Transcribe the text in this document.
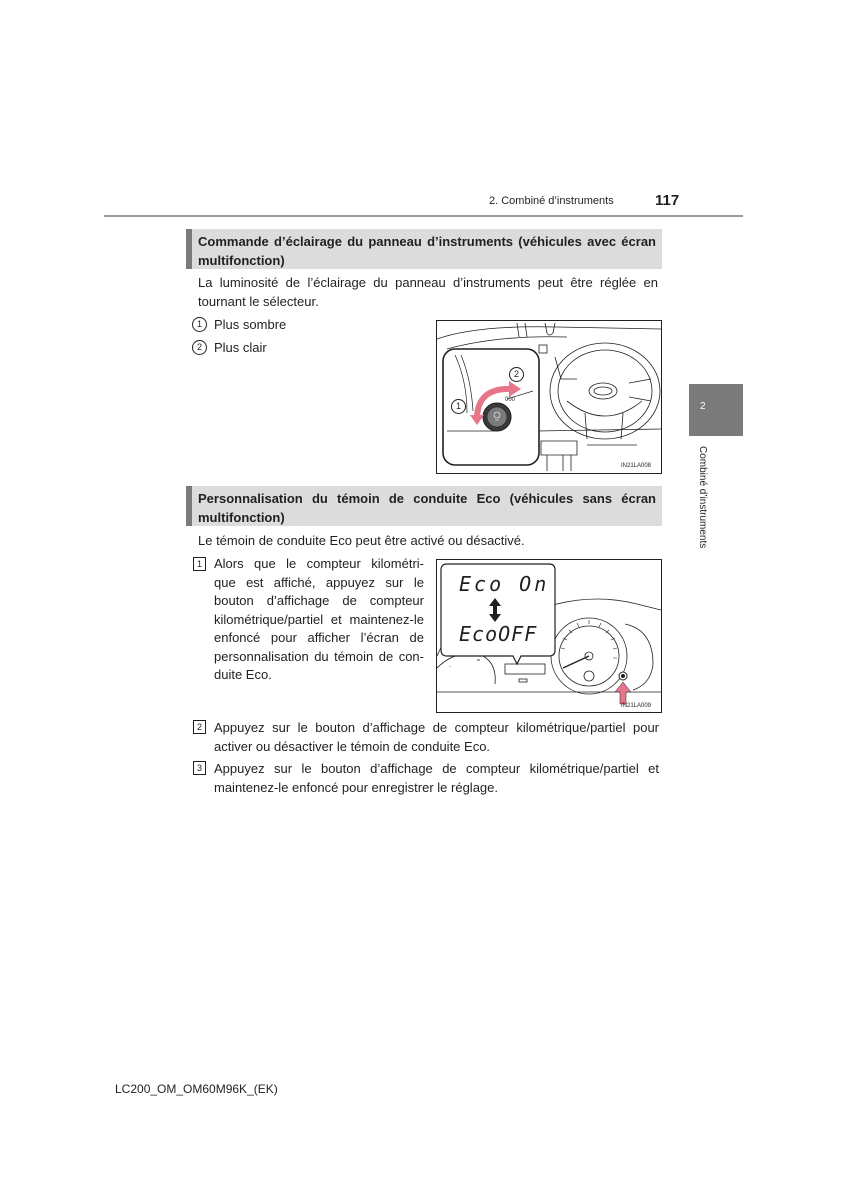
2. Combiné d’instruments	117
2
Combiné d’instruments
Commande d’éclairage du panneau d’instruments (véhicules avec écran multifonction)
La luminosité de l’éclairage du panneau d’instruments peut être réglée en tournant le sélecteur.
1 Plus sombre
2 Plus clair
000
1
2
IN21LA008
Personnalisation du témoin de conduite Eco (véhicules sans écran multifonction)
Le témoin de conduite Eco peut être activé ou désactivé.
1 Alors que le compteur kilométri-
que est affiché, appuyez sur le
bouton d’affichage de compteur
kilométrique/partiel et maintenez-le
enfoncé pour afficher l’écran de
personnalisation du témoin de con-
duite Eco.	-
=
Eco On
EcoOFF
IN21LA009
2 Appuyez sur le bouton d’affichage de compteur kilométrique/partiel pour activer ou désactiver le témoin de conduite Eco.
3 Appuyez sur le bouton d’affichage de compteur kilométrique/partiel et maintenez-le enfoncé pour enregistrer le réglage.
LC200_OM_OM60M96K_(EK)
